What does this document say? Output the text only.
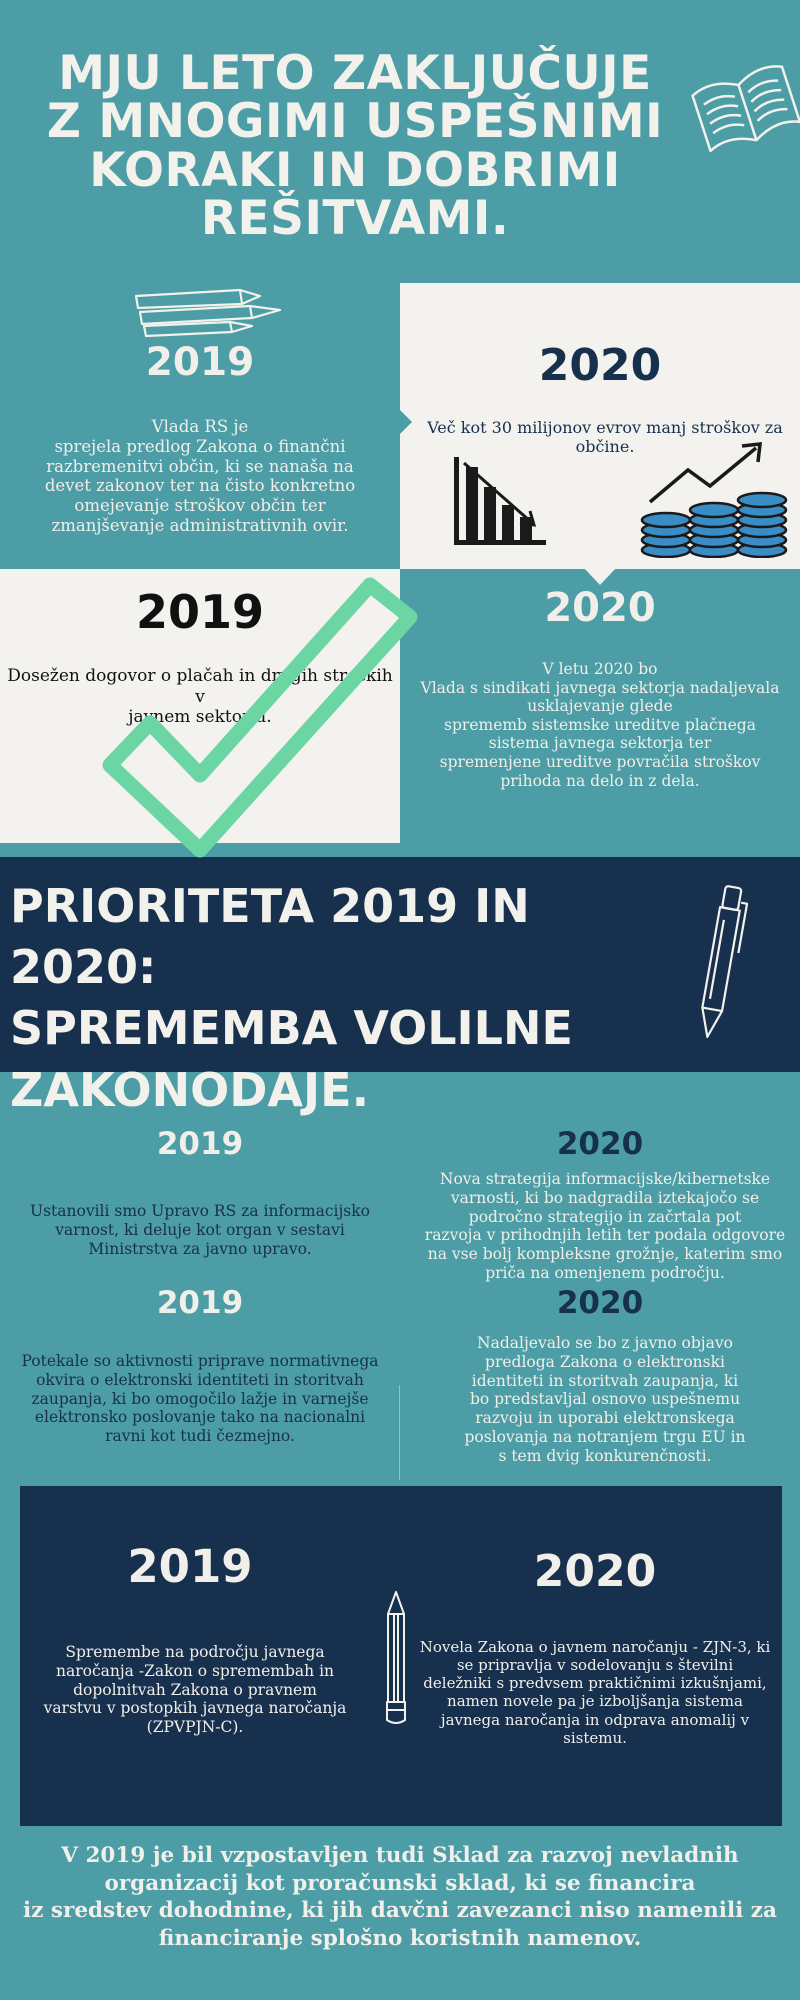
MJU LETO ZAKLJUČUJE
Z MNOGIMI USPEŠNIMI
KORAKI IN DOBRIMI
REŠITVAMI.
2019
Vlada RS je
sprejela predlog Zakona o finančni
razbremenitvi občin, ki se nanaša na
devet zakonov ter na čisto konkretno
omejevanje stroškov občin ter
zmanjševanje administrativnih ovir.
2020
Več kot 30 milijonov evrov manj stroškov za
občine.
2019
Dosežen dogovor o plačah in drugih stroških v
javnem sektorju.
2020
V letu 2020 bo
Vlada s sindikati javnega sektorja nadaljevala
usklajevanje glede
sprememb sistemske ureditve plačnega
sistema javnega sektorja ter
spremenjene ureditve povračila stroškov
prihoda na delo in z dela.
PRIORITETA 2019 IN 2020:
SPREMEMBA VOLILNE
ZAKONODAJE.
2019
Ustanovili smo Upravo RS za informacijsko
varnost, ki deluje kot organ v sestavi
Ministrstva za javno upravo.
2020
Nova strategija informacijske/kibernetske
varnosti, ki bo nadgradila iztekajočo se
področno strategijo in začrtala pot
razvoja v prihodnjih letih ter podala odgovore
na vse bolj kompleksne grožnje, katerim smo
priča na omenjenem področju.
2019
Potekale so aktivnosti priprave normativnega
okvira o elektronski identiteti in storitvah
zaupanja, ki bo omogočilo lažje in varnejše
elektronsko poslovanje tako na nacionalni
ravni kot tudi čezmejno.
2020
Nadaljevalo se bo z javno objavo
predloga Zakona o elektronski
identiteti in storitvah zaupanja, ki
bo predstavljal osnovo uspešnemu
razvoju in uporabi elektronskega
poslovanja na notranjem trgu EU in
s tem dvig konkurenčnosti.
2019
Spremembe na področju javnega
naročanja -Zakon o spremembah in
dopolnitvah Zakona o pravnem
varstvu v postopkih javnega naročanja
(ZPVPJN-C).
2020
Novela Zakona o javnem naročanju - ZJN-3, ki
se pripravlja v sodelovanju s številni
deležniki s predvsem praktičnimi izkušnjami,
namen novele pa je izboljšanja sistema
javnega naročanja in odprava anomalij v
sistemu.
V 2019 je bil vzpostavljen tudi Sklad za razvoj nevladnih
organizacij kot proračunski sklad, ki se financira
iz sredstev dohodnine, ki jih davčni zavezanci niso namenili za
financiranje splošno koristnih namenov.
